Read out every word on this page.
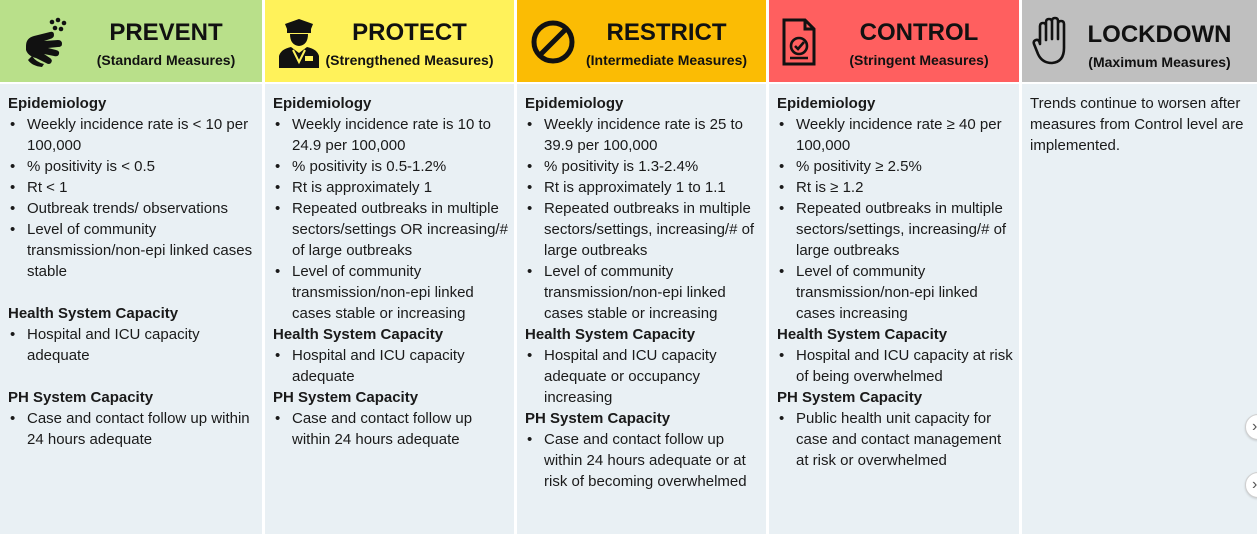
PREVENT
(Standard Measures)

Epidemiology

• Weekly incidence rate is < 10 per 100,000
• % positivity is < 0.5
• Rt < 1
• Outbreak trends/ observations
• Level of community transmission/non-epi linked cases stable

Health System Capacity

• Hospital and ICU capacity adequate

PH System Capacity

• Case and contact follow up within 24 hours adequate
PROTECT
(Strengthened Measures)

Epidemiology

• Weekly incidence rate is 10 to 24.9 per 100,000
• % positivity is 0.5-1.2%
• Rt is approximately 1
• Repeated outbreaks in multiple sectors/settings OR increasing/# of large outbreaks
• Level of community transmission/non-epi linked cases stable or increasing

Health System Capacity

• Hospital and ICU capacity adequate

PH System Capacity

• Case and contact follow up within 24 hours adequate
RESTRICT
(Intermediate Measures)

Epidemiology

• Weekly incidence rate is 25 to 39.9 per 100,000
• % positivity is 1.3-2.4%
• Rt is approximately 1 to 1.1
• Repeated outbreaks in multiple sectors/settings, increasing/# of large outbreaks
• Level of community transmission/non-epi linked cases stable or increasing

Health System Capacity

• Hospital and ICU capacity adequate or occupancy increasing

PH System Capacity

• Case and contact follow up within 24 hours adequate or at risk of becoming overwhelmed
CONTROL
(Stringent Measures)

Epidemiology

• Weekly incidence rate ≥ 40 per 100,000
• % positivity ≥ 2.5%
• Rt is ≥ 1.2
• Repeated outbreaks in multiple sectors/settings, increasing/# of large outbreaks
• Level of community transmission/non-epi linked cases increasing

Health System Capacity

• Hospital and ICU capacity at risk of being overwhelmed

PH System Capacity

• Public health unit capacity for case and contact management at risk or overwhelmed
LOCKDOWN
(Maximum Measures)

Trends continue to worsen after measures from Control level are implemented.

›
›
